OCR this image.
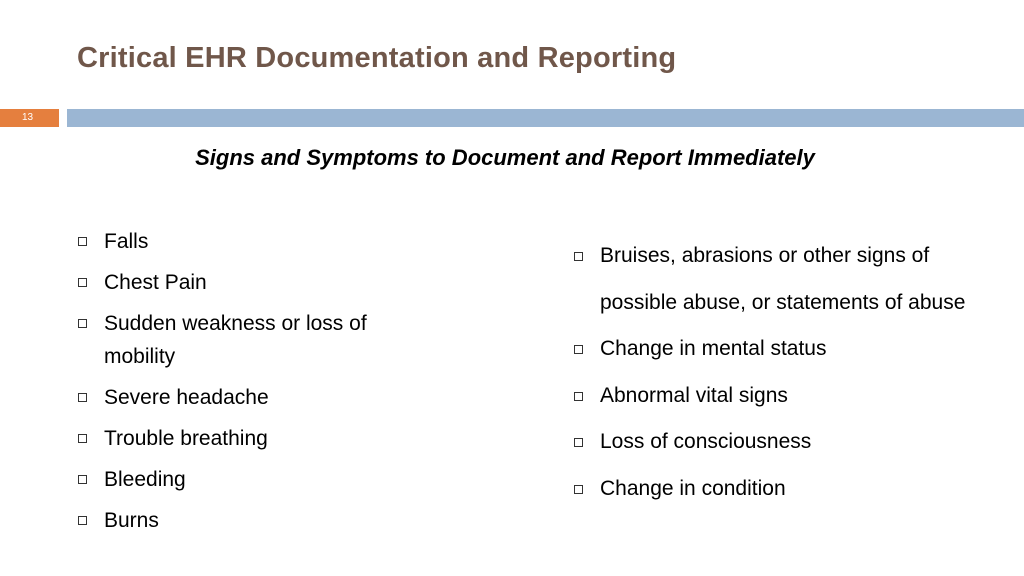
Critical EHR Documentation and Reporting
13
Signs and Symptoms to Document and Report Immediately
Falls
Chest Pain
Sudden weakness or loss of mobility
Severe headache
Trouble breathing
Bleeding
Burns
Bruises, abrasions or other signs of possible abuse, or statements of abuse
Change in mental status
Abnormal vital signs
Loss of consciousness
Change in condition
